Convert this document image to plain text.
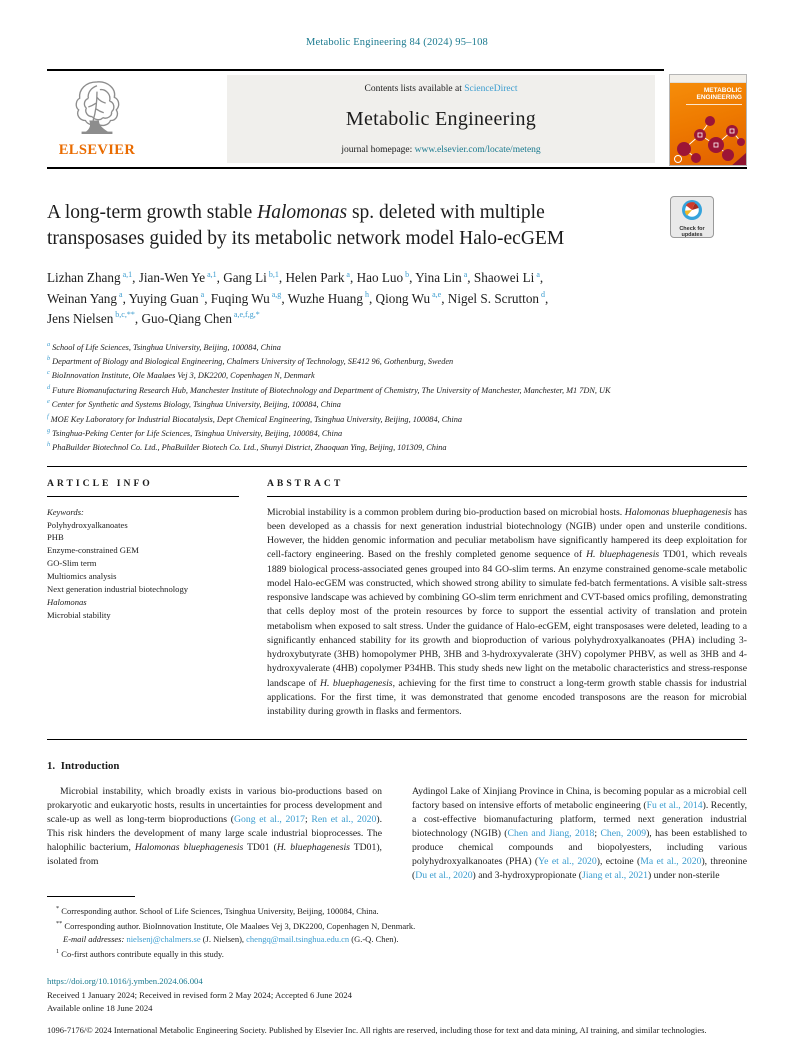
Metabolic Engineering 84 (2024) 95–108
ELSEVIER
Contents lists available at ScienceDirect
Metabolic Engineering
journal homepage: www.elsevier.com/locate/meteng
METABOLIC
ENGINEERING
Check for
updates
A long-term growth stable Halomonas sp. deleted with multiple
transposases guided by its metabolic network model Halo-ecGEM
Lizhan Zhang $^{a,1}$, Jian-Wen Ye $^{a,1}$, Gang Li $^{b,1}$, Helen Park $^a$, Hao Luo $^b$, Yina Lin $^a$, Shaowei Li $^a$,
Weinan Yang $^a$, Yuying Guan $^a$, Fuqing Wu $^{a,g}$, Wuzhe Huang $^h$, Qiong Wu $^{a,e}$, Nigel S. Scrutton $^d$,
Jens Nielsen $^{b,c,**}$, Guo-Qiang Chen $^{a,e,f,g,*}$
$^a$ School of Life Sciences, Tsinghua University, Beijing, 100084, China
$^b$ Department of Biology and Biological Engineering, Chalmers University of Technology, SE412 96, Gothenburg, Sweden
$^c$ BioInnovation Institute, Ole Maaløes Vej 3, DK2200, Copenhagen N, Denmark
$^d$ Future Biomanufacturing Research Hub, Manchester Institute of Biotechnology and Department of Chemistry, The University of Manchester, Manchester, M1 7DN, UK
$^e$ Center for Synthetic and Systems Biology, Tsinghua University, Beijing, 100084, China
$^f$ MOE Key Laboratory for Industrial Biocatalysis, Dept Chemical Engineering, Tsinghua University, Beijing, 100084, China
$^g$ Tsinghua-Peking Center for Life Sciences, Tsinghua University, Beijing, 100084, China
$^h$ PhaBuilder Biotechnol Co. Ltd., PhaBuilder Biotech Co. Ltd., Shunyi District, Zhaoquan Ying, Beijing, 101309, China
ARTICLE INFO
Keywords:
Polyhydroxyalkanoates
PHB
Enzyme-constrained GEM
GO-Slim term
Multiomics analysis
Next generation industrial biotechnology
Halomonas
Microbial stability
ABSTRACT
Microbial instability is a common problem during bio-production based on microbial hosts. Halomonas bluephagenesis has been developed as a chassis for next generation industrial biotechnology (NGIB) under open and unsterile conditions. However, the hidden genomic information and peculiar metabolism have significantly hampered its deep exploitation for cell-factory engineering. Based on the freshly completed genome sequence of H. bluephagenesis TD01, which reveals 1889 biological process-associated genes grouped into 84 GO-slim terms. An enzyme constrained genome-scale metabolic model Halo-ecGEM was constructed, which showed strong ability to simulate fed-batch fermentations. A visible salt-stress responsive landscape was achieved by combining GO-slim term enrichment and CVT-based omics profiling, demonstrating that cells deploy most of the protein resources by force to support the essential activity of translation and protein metabolism when exposed to salt stress. Under the guidance of Halo-ecGEM, eight transposases were deleted, leading to a significantly enhanced stability for its growth and bioproduction of various polyhydroxyalkanoates (PHA) including 3-hydroxybutyrate (3HB) homopolymer PHB, 3HB and 3-hydroxyvalerate (3HV) copolymer PHBV, as well as 3HB and 4-hydroxyvalerate (4HB) copolymer P34HB. This study sheds new light on the metabolic characteristics and stress-response landscape of H. bluephagenesis, achieving for the first time to construct a long-term growth stable chassis for industrial applications. For the first time, it was demonstrated that genome encoded transposons are the reason for microbial instability during growth in flasks and fermentors.
1. Introduction
Microbial instability, which broadly exists in various bio-productions based on prokaryotic and eukaryotic hosts, results in uncertainties for process development and scale-up as well as long-term bioproductions (Gong et al., 2017; Ren et al., 2020). This risk hinders the development of many large scale industrial bioprocesses. The halophilic bacterium, Halomonas bluephagenesis TD01 (H. bluephagenesis TD01), isolated from
Aydingol Lake of Xinjiang Province in China, is becoming popular as a microbial cell factory based on intensive efforts of metabolic engineering (Fu et al., 2014). Recently, a cost-effective biomanufacturing platform, termed next generation industrial biotechnology (NGIB) (Chen and Jiang, 2018; Chen, 2009), has been established to produce chemical compounds and biopolyesters, including various polyhydroxyalkanoates (PHA) (Ye et al., 2020), ectoine (Ma et al., 2020), threonine (Du et al., 2020) and 3-hydroxypropionate (Jiang et al., 2021) under non-sterile
* Corresponding author. School of Life Sciences, Tsinghua University, Beijing, 100084, China.
** Corresponding author. BioInnovation Institute, Ole Maaløes Vej 3, DK2200, Copenhagen N, Denmark.
E-mail addresses: nielsenj@chalmers.se (J. Nielsen), chengq@mail.tsinghua.edu.cn (G.-Q. Chen).
$^1$ Co-first authors contribute equally in this study.
https://doi.org/10.1016/j.ymben.2024.06.004
Received 1 January 2024; Received in revised form 2 May 2024; Accepted 6 June 2024
Available online 18 June 2024
1096-7176/© 2024 International Metabolic Engineering Society. Published by Elsevier Inc. All rights are reserved, including those for text and data mining, AI training, and similar technologies.
